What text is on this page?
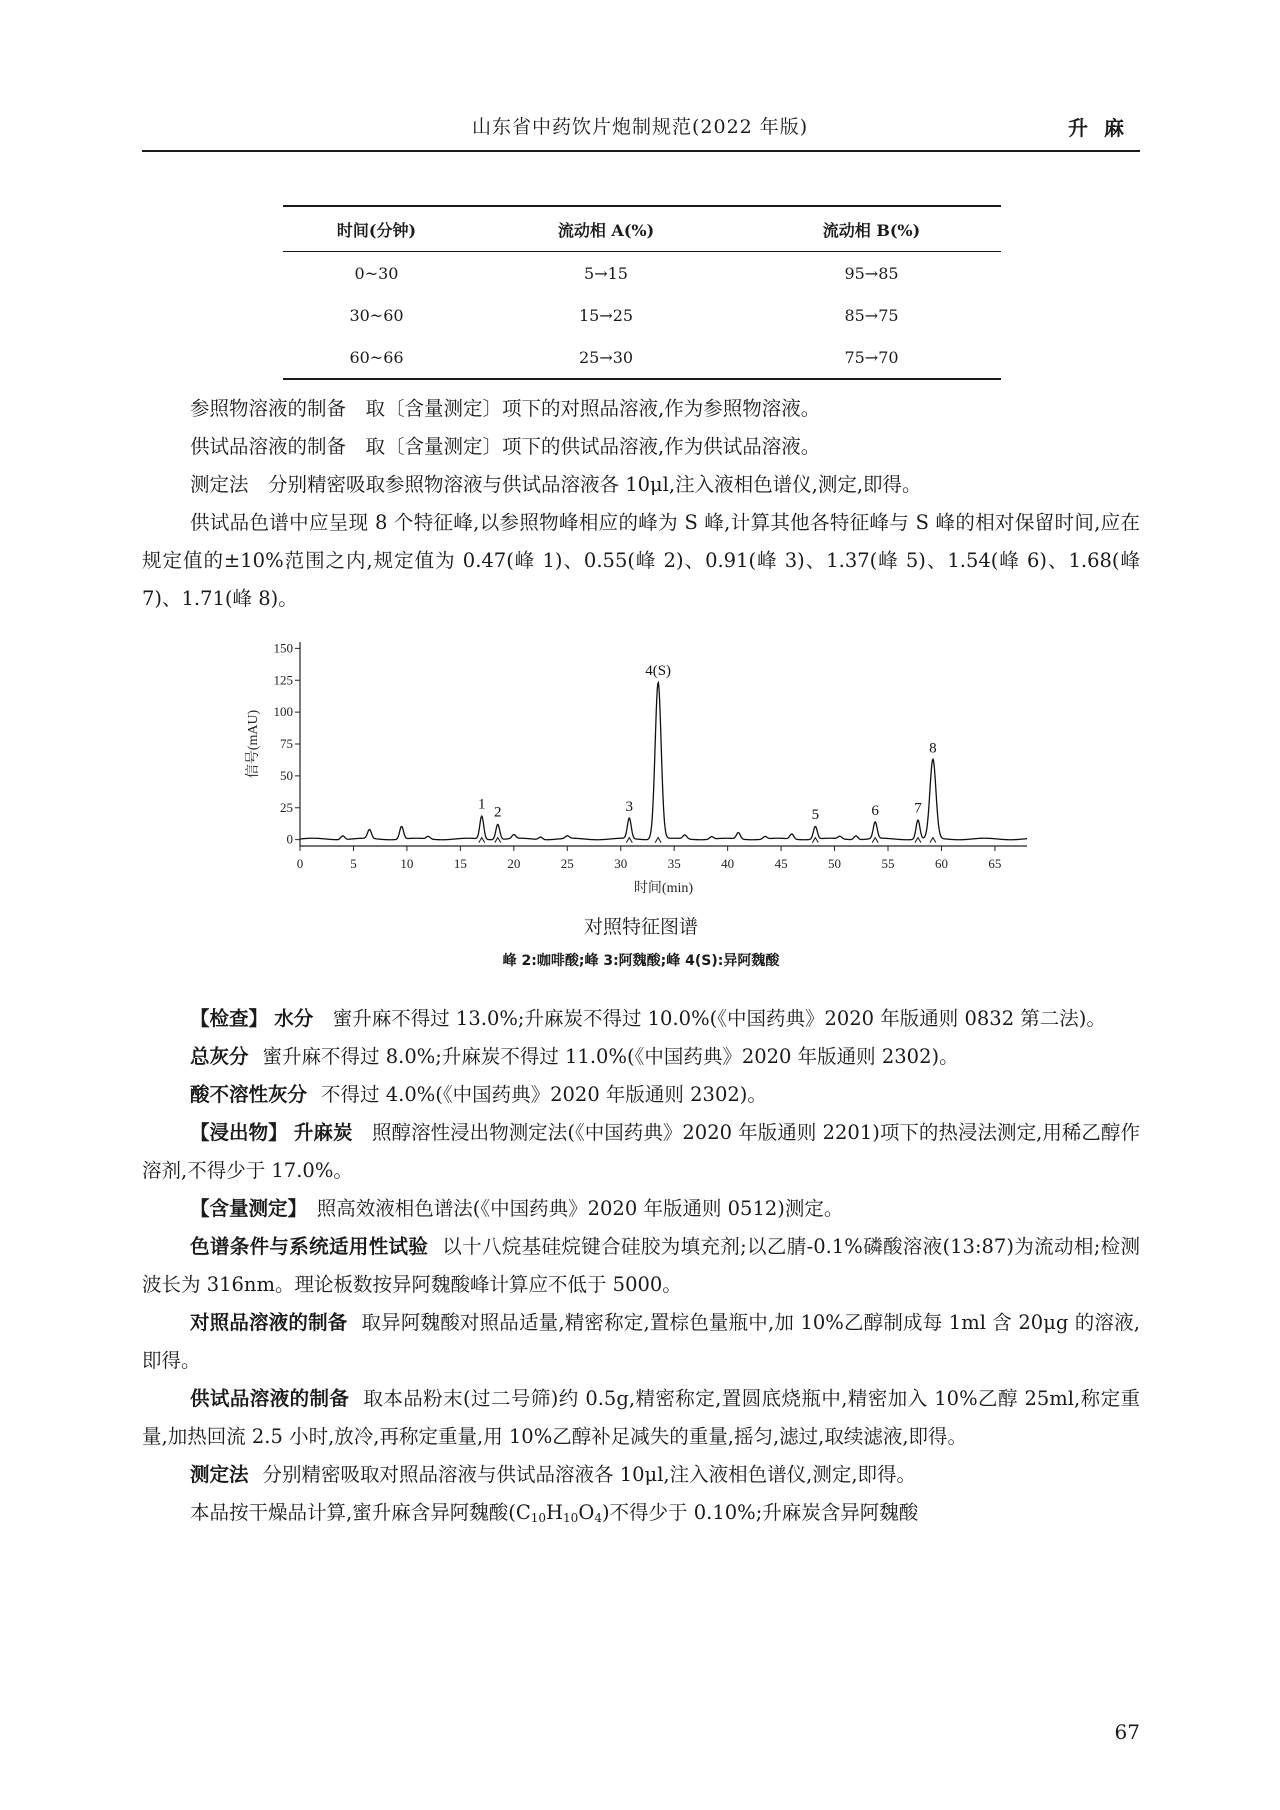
山东省中药饮片炮制规范(2022 年版)	升麻
时间(分钟)	流动相 A(%)	流动相 B(%)
0~30	5→15	95→85
30~60	15→25	85→75
60~66	25→30	75→70

参照物溶液的制备　取〔含量测定〕项下的对照品溶液,作为参照物溶液。

供试品溶液的制备　取〔含量测定〕项下的供试品溶液,作为供试品溶液。

测定法　分别精密吸取参照物溶液与供试品溶液各 10μl,注入液相色谱仪,测定,即得。

供试品色谱中应呈现 8 个特征峰,以参照物峰相应的峰为 S 峰,计算其他各特征峰与 S 峰的相对保留时间,应在规定值的±10%范围之内,规定值为 0.47(峰 1)、0.55(峰 2)、0.91(峰 3)、1.37(峰 5)、1.54(峰 6)、1.68(峰 7)、1.71(峰 8)。

0
25
50
75
100
125
150
0	5	10	15	20	25	30	35	40	45	50	55	60	65
时间(min)
信号(mAU)
1 2	3
4(S)
5	6 7
8
对照特征图谱
峰 2:咖啡酸;峰 3:阿魏酸;峰 4(S):异阿魏酸

【检查】 水分　蜜升麻不得过 13.0%;升麻炭不得过 10.0%(《中国药典》2020 年版通则 0832 第二法)。

总灰分 蜜升麻不得过 8.0%;升麻炭不得过 11.0%(《中国药典》2020 年版通则 2302)。

酸不溶性灰分 不得过 4.0%(《中国药典》2020 年版通则 2302)。

【浸出物】 升麻炭　照醇溶性浸出物测定法(《中国药典》2020 年版通则 2201)项下的热浸法测定,用稀乙醇作溶剂,不得少于 17.0%。

【含量测定】　照高效液相色谱法(《中国药典》2020 年版通则 0512)测定。

色谱条件与系统适用性试验 以十八烷基硅烷键合硅胶为填充剂;以乙腈-0.1%磷酸溶液(13:87)为流动相;检测波长为 316nm。理论板数按异阿魏酸峰计算应不低于 5000。

对照品溶液的制备 取异阿魏酸对照品适量,精密称定,置棕色量瓶中,加 10%乙醇制成每 1ml 含 20μg 的溶液,即得。

供试品溶液的制备 取本品粉末(过二号筛)约 0.5g,精密称定,置圆底烧瓶中,精密加入 10%乙醇 25ml,称定重量,加热回流 2.5 小时,放冷,再称定重量,用 10%乙醇补足减失的重量,摇匀,滤过,取续滤液,即得。

测定法 分别精密吸取对照品溶液与供试品溶液各 10μl,注入液相色谱仪,测定,即得。

本品按干燥品计算,蜜升麻含异阿魏酸$(C_{10}H_{10}O_4)$不得少于 0.10%;升麻炭含异阿魏酸

67
